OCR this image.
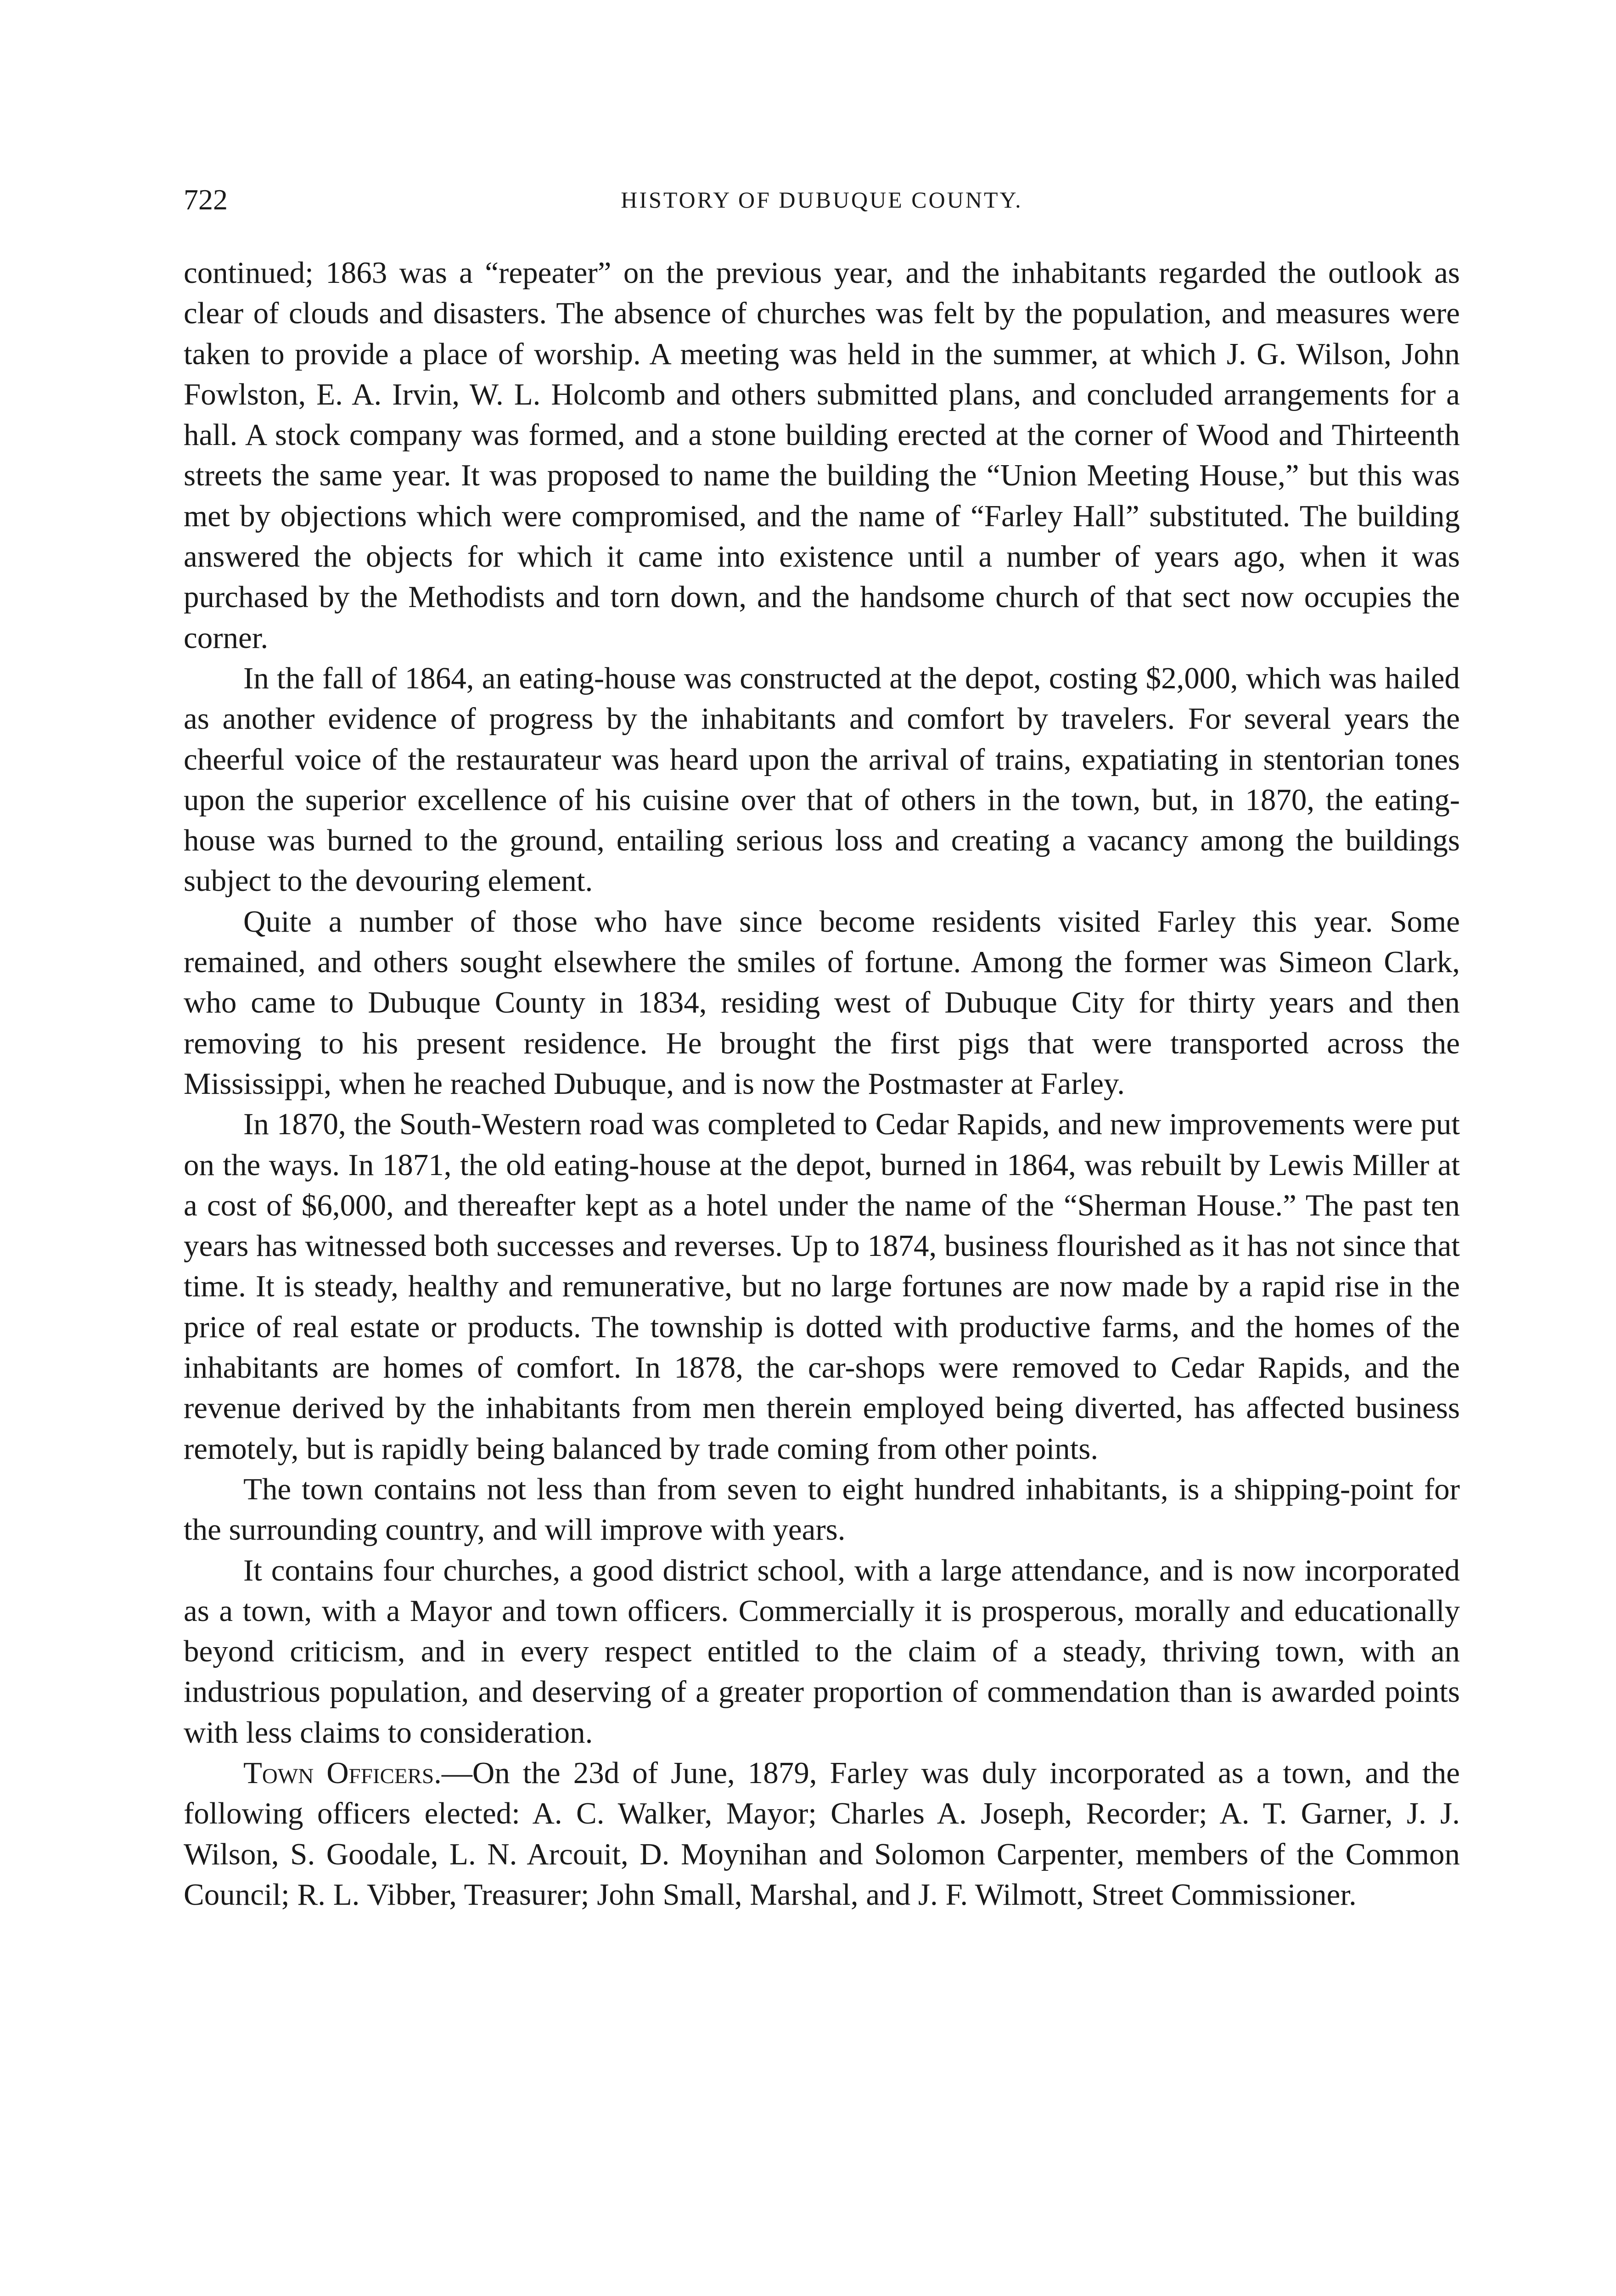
722	HISTORY OF DUBUQUE COUNTY.

continued; 1863 was a “repeater” on the previous year, and the inhabitants regarded the outlook as clear of clouds and disasters. The absence of churches was felt by the population, and measures were taken to provide a place of worship. A meeting was held in the summer, at which J. G. Wilson, John Fowlston, E. A. Irvin, W. L. Holcomb and others submitted plans, and concluded arrangements for a hall. A stock company was formed, and a stone building erected at the corner of Wood and Thirteenth streets the same year. It was proposed to name the building the “Union Meeting House,” but this was met by objections which were compromised, and the name of “Farley Hall” substituted. The building answered the objects for which it came into existence until a number of years ago, when it was purchased by the Methodists and torn down, and the handsome church of that sect now occupies the corner.

In the fall of 1864, an eating-house was constructed at the depot, costing $2,000, which was hailed as another evidence of progress by the inhabitants and comfort by travelers. For several years the cheerful voice of the restaurateur was heard upon the arrival of trains, expatiating in stentorian tones upon the superior excellence of his cuisine over that of others in the town, but, in 1870, the eating-house was burned to the ground, entailing serious loss and creating a vacancy among the buildings subject to the devouring element.

Quite a number of those who have since become residents visited Farley this year. Some remained, and others sought elsewhere the smiles of fortune. Among the former was Simeon Clark, who came to Dubuque County in 1834, residing west of Dubuque City for thirty years and then removing to his present residence. He brought the first pigs that were transported across the Mississippi, when he reached Dubuque, and is now the Postmaster at Farley.

In 1870, the South-Western road was completed to Cedar Rapids, and new improvements were put on the ways. In 1871, the old eating-house at the depot, burned in 1864, was rebuilt by Lewis Miller at a cost of $6,000, and thereafter kept as a hotel under the name of the “Sherman House.” The past ten years has witnessed both successes and reverses. Up to 1874, business flourished as it has not since that time. It is steady, healthy and remunerative, but no large fortunes are now made by a rapid rise in the price of real estate or products. The township is dotted with productive farms, and the homes of the inhabitants are homes of comfort. In 1878, the car-shops were removed to Cedar Rapids, and the revenue derived by the inhabitants from men therein employed being diverted, has affected business remotely, but is rapidly being balanced by trade coming from other points.

The town contains not less than from seven to eight hundred inhabitants, is a shipping-point for the surrounding country, and will improve with years.

It contains four churches, a good district school, with a large attendance, and is now incorporated as a town, with a Mayor and town officers. Commercially it is prosperous, morally and educationally beyond criticism, and in every respect entitled to the claim of a steady, thriving town, with an industrious population, and deserving of a greater proportion of commendation than is awarded points with less claims to consideration.

Town Officers.—On the 23d of June, 1879, Farley was duly incorporated as a town, and the following officers elected: A. C. Walker, Mayor; Charles A. Joseph, Recorder; A. T. Garner, J. J. Wilson, S. Goodale, L. N. Arcouit, D. Moynihan and Solomon Carpenter, members of the Common Council; R. L. Vibber, Treasurer; John Small, Marshal, and J. F. Wilmott, Street Commissioner.
